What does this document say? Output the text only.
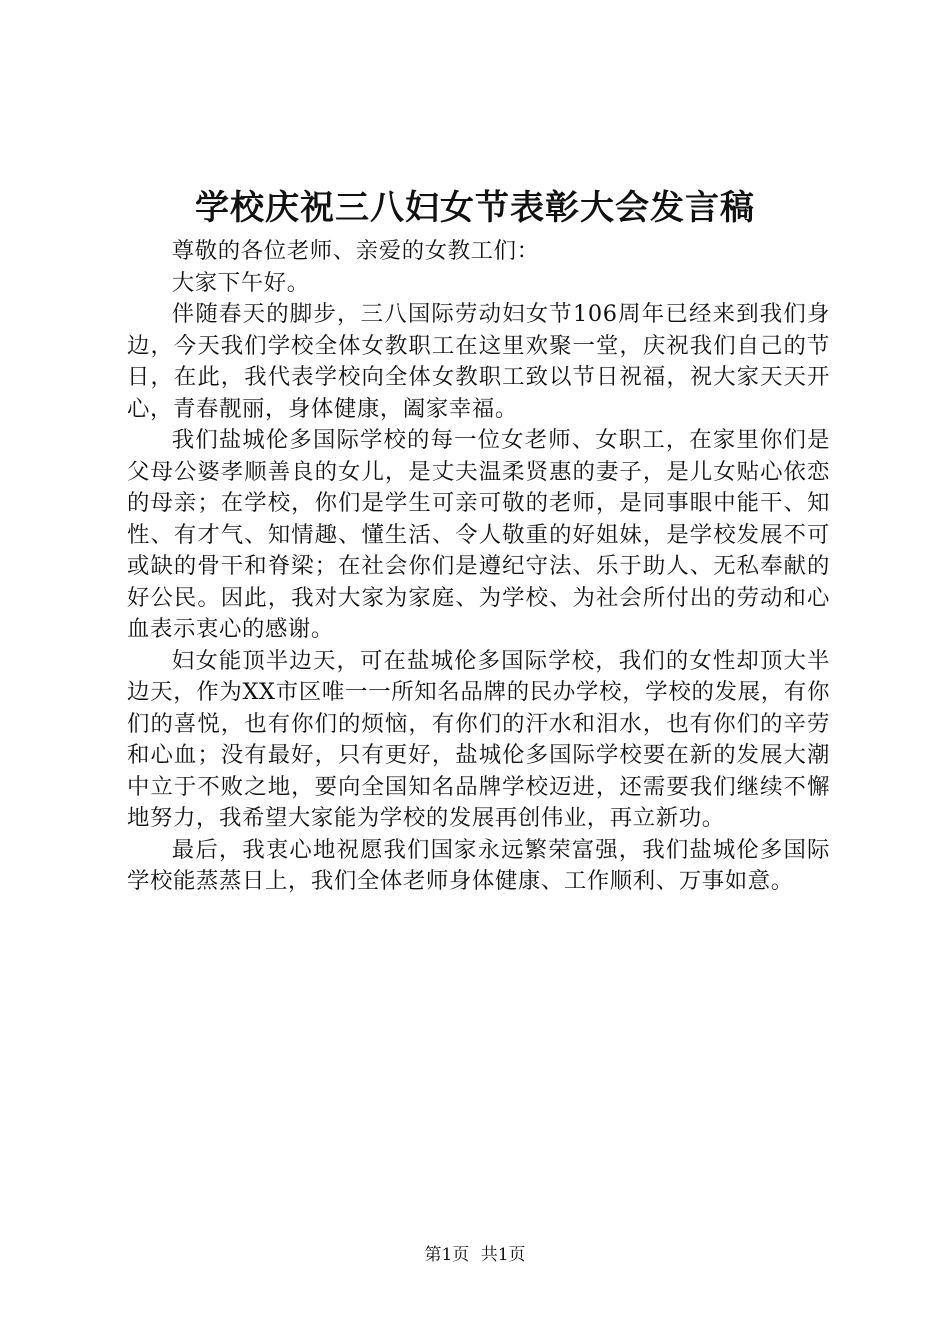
学校庆祝三八妇女节表彰大会发言稿

尊敬的各位老师、亲爱的女教工们：

大家下午好。

伴随春天的脚步，三八国际劳动妇女节106周年已经来到我们身边，今天我们学校全体女教职工在这里欢聚一堂，庆祝我们自己的节日，在此，我代表学校向全体女教职工致以节日祝福，祝大家天天开心，青春靓丽，身体健康，阖家幸福。

我们盐城伦多国际学校的每一位女老师、女职工，在家里你们是父母公婆孝顺善良的女儿，是丈夫温柔贤惠的妻子，是儿女贴心依恋的母亲；在学校，你们是学生可亲可敬的老师，是同事眼中能干、知性、有才气、知情趣、懂生活、令人敬重的好姐妹，是学校发展不可或缺的骨干和脊梁；在社会你们是遵纪守法、乐于助人、无私奉献的好公民。因此，我对大家为家庭、为学校、为社会所付出的劳动和心血表示衷心的感谢。

妇女能顶半边天，可在盐城伦多国际学校，我们的女性却顶大半边天，作为XX市区唯一一所知名品牌的民办学校，学校的发展，有你们的喜悦，也有你们的烦恼，有你们的汗水和泪水，也有你们的辛劳和心血；没有最好，只有更好，盐城伦多国际学校要在新的发展大潮中立于不败之地，要向全国知名品牌学校迈进，还需要我们继续不懈地努力，我希望大家能为学校的发展再创伟业，再立新功。

最后，我衷心地祝愿我们国家永远繁荣富强，我们盐城伦多国际学校能蒸蒸日上，我们全体老师身体健康、工作顺利、万事如意。

第1页 共1页
